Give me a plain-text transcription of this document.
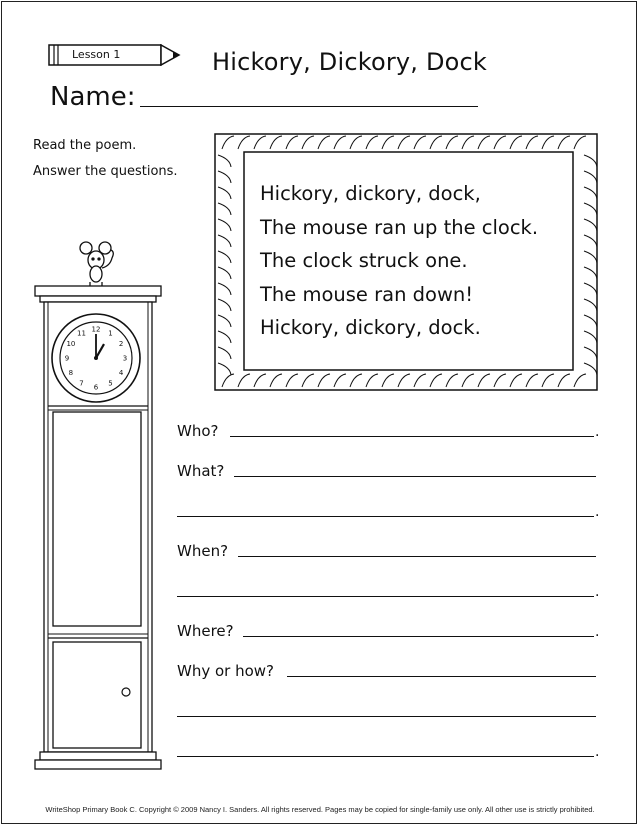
Lesson 1	Hickory, Dickory, Dock
Name:
Read the poem.
Answer the questions.
Hickory, dickory, dock,
The mouse ran up the clock.
The clock struck one.
The mouse ran down!
Hickory, dickory, dock.
12 1
2
3
4
5
6
7
8
9
10
11
Who?	.
What?
.
When?
.
Where?	.
Why or how?
.
WriteShop Primary Book C. Copyright © 2009 Nancy I. Sanders. All rights reserved. Pages may be copied for single-family use only. All other use is strictly prohibited.
